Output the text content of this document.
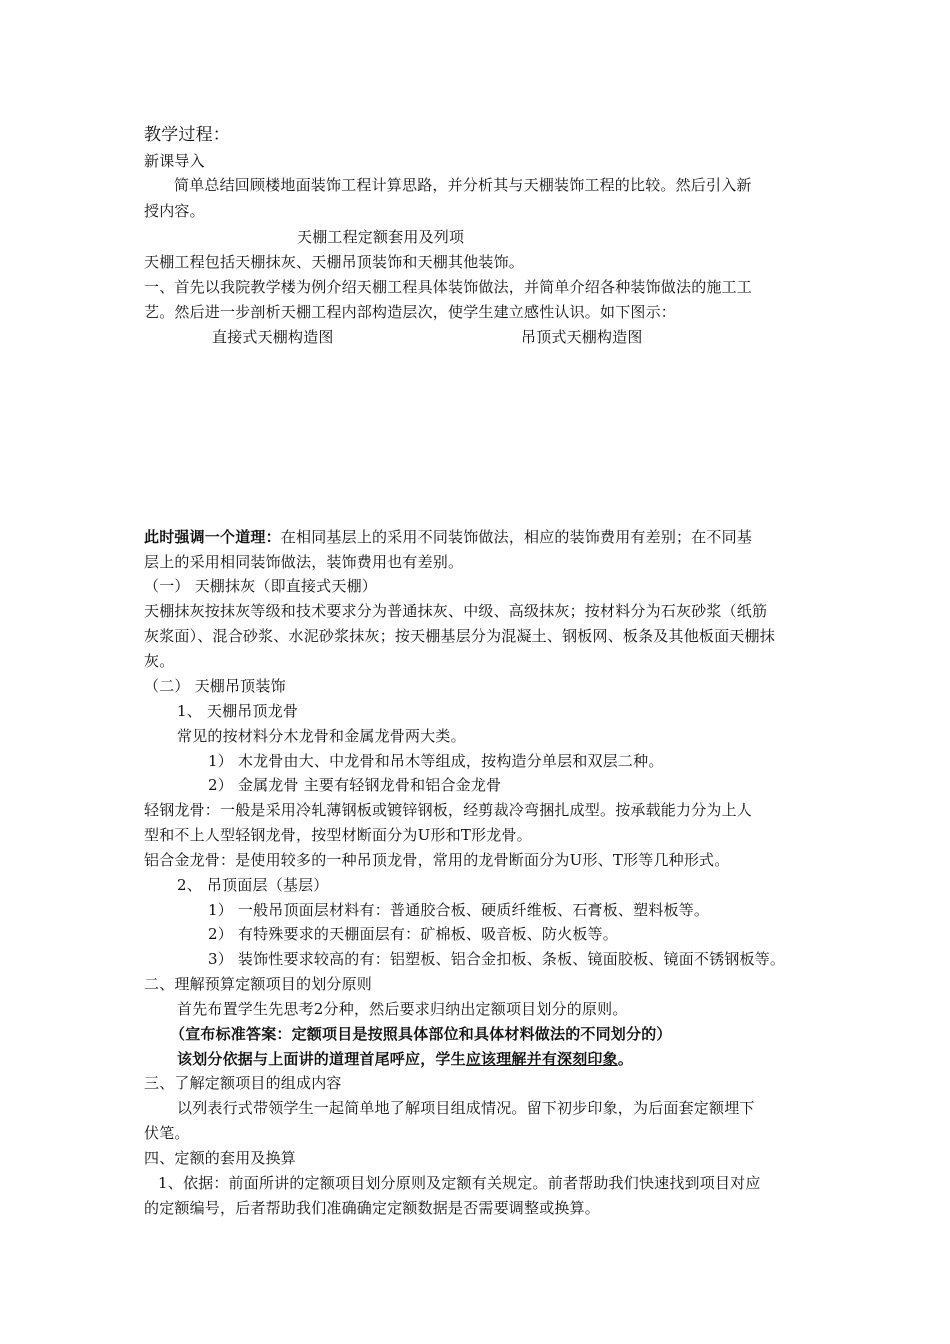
教学过程：
新课导入
简单总结回顾楼地面装饰工程计算思路，并分析其与天棚装饰工程的比较。然后引入新
授内容。
天棚工程定额套用及列项
天棚工程包括天棚抹灰、天棚吊顶装饰和天棚其他装饰。
一、首先以我院教学楼为例介绍天棚工程具体装饰做法，并简单介绍各种装饰做法的施工工
艺。然后进一步剖析天棚工程内部构造层次，使学生建立感性认识。如下图示：
直接式天棚构造图	吊顶式天棚构造图
此时强调一个道理：在相同基层上的采用不同装饰做法，相应的装饰费用有差别；在不同基
层上的采用相同装饰做法，装饰费用也有差别。
（一） 天棚抹灰（即直接式天棚）
天棚抹灰按抹灰等级和技术要求分为普通抹灰、中级、高级抹灰；按材料分为石灰砂浆（纸筋
灰浆面）、混合砂浆、水泥砂浆抹灰；按天棚基层分为混凝土、钢板网、板条及其他板面天棚抹
灰。
（二） 天棚吊顶装饰
1、 天棚吊顶龙骨
常见的按材料分木龙骨和金属龙骨两大类。
1） 木龙骨由大、中龙骨和吊木等组成，按构造分单层和双层二种。
2） 金属龙骨 主要有轻钢龙骨和铝合金龙骨
轻钢龙骨：一般是采用冷轧薄钢板或镀锌钢板，经剪裁冷弯捆扎成型。按承载能力分为上人
型和不上人型轻钢龙骨，按型材断面分为U形和T形龙骨。
铝合金龙骨：是使用较多的一种吊顶龙骨，常用的龙骨断面分为U形、T形等几种形式。
2、 吊顶面层（基层）
1） 一般吊顶面层材料有：普通胶合板、硬质纤维板、石膏板、塑料板等。
2） 有特殊要求的天棚面层有：矿棉板、吸音板、防火板等。
3） 装饰性要求较高的有：铝塑板、铝合金扣板、条板、镜面胶板、镜面不锈钢板等。
二、理解预算定额项目的划分原则
首先布置学生先思考2分种，然后要求归纳出定额项目划分的原则。
（宣布标准答案：定额项目是按照具体部位和具体材料做法的不同划分的）
该划分依据与上面讲的道理首尾呼应，学生应该理解并有深刻印象。
三、了解定额项目的组成内容
以列表行式带领学生一起简单地了解项目组成情况。留下初步印象，为后面套定额埋下
伏笔。
四、定额的套用及换算
1、依据：前面所讲的定额项目划分原则及定额有关规定。前者帮助我们快速找到项目对应
的定额编号，后者帮助我们准确确定定额数据是否需要调整或换算。
